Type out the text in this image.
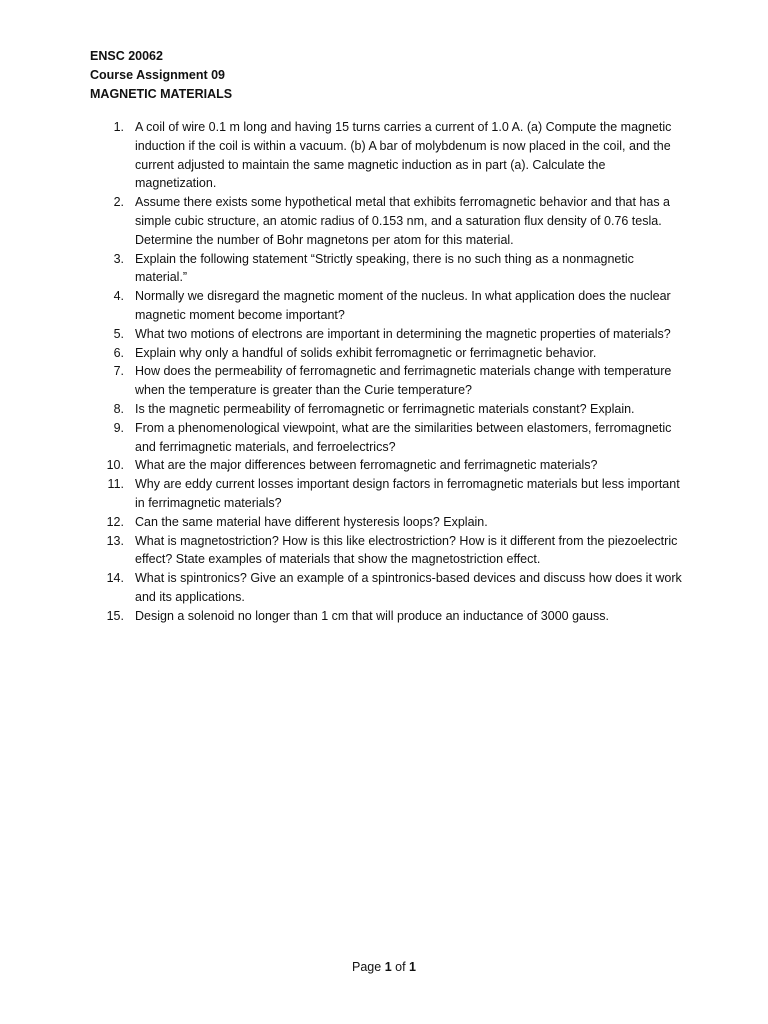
ENSC 20062
Course Assignment 09
MAGNETIC MATERIALS
1. A coil of wire 0.1 m long and having 15 turns carries a current of 1.0 A. (a) Compute the magnetic induction if the coil is within a vacuum. (b) A bar of molybdenum is now placed in the coil, and the current adjusted to maintain the same magnetic induction as in part (a). Calculate the magnetization.
2. Assume there exists some hypothetical metal that exhibits ferromagnetic behavior and that has a simple cubic structure, an atomic radius of 0.153 nm, and a saturation flux density of 0.76 tesla. Determine the number of Bohr magnetons per atom for this material.
3. Explain the following statement “Strictly speaking, there is no such thing as a nonmagnetic material.”
4. Normally we disregard the magnetic moment of the nucleus. In what application does the nuclear magnetic moment become important?
5. What two motions of electrons are important in determining the magnetic properties of materials?
6. Explain why only a handful of solids exhibit ferromagnetic or ferrimagnetic behavior.
7. How does the permeability of ferromagnetic and ferrimagnetic materials change with temperature when the temperature is greater than the Curie temperature?
8. Is the magnetic permeability of ferromagnetic or ferrimagnetic materials constant? Explain.
9. From a phenomenological viewpoint, what are the similarities between elastomers, ferromagnetic and ferrimagnetic materials, and ferroelectrics?
10. What are the major differences between ferromagnetic and ferrimagnetic materials?
11. Why are eddy current losses important design factors in ferromagnetic materials but less important in ferrimagnetic materials?
12. Can the same material have different hysteresis loops? Explain.
13. What is magnetostriction? How is this like electrostriction? How is it different from the piezoelectric effect? State examples of materials that show the magnetostriction effect.
14. What is spintronics? Give an example of a spintronics-based devices and discuss how does it work and its applications.
15. Design a solenoid no longer than 1 cm that will produce an inductance of 3000 gauss.
Page 1 of 1
